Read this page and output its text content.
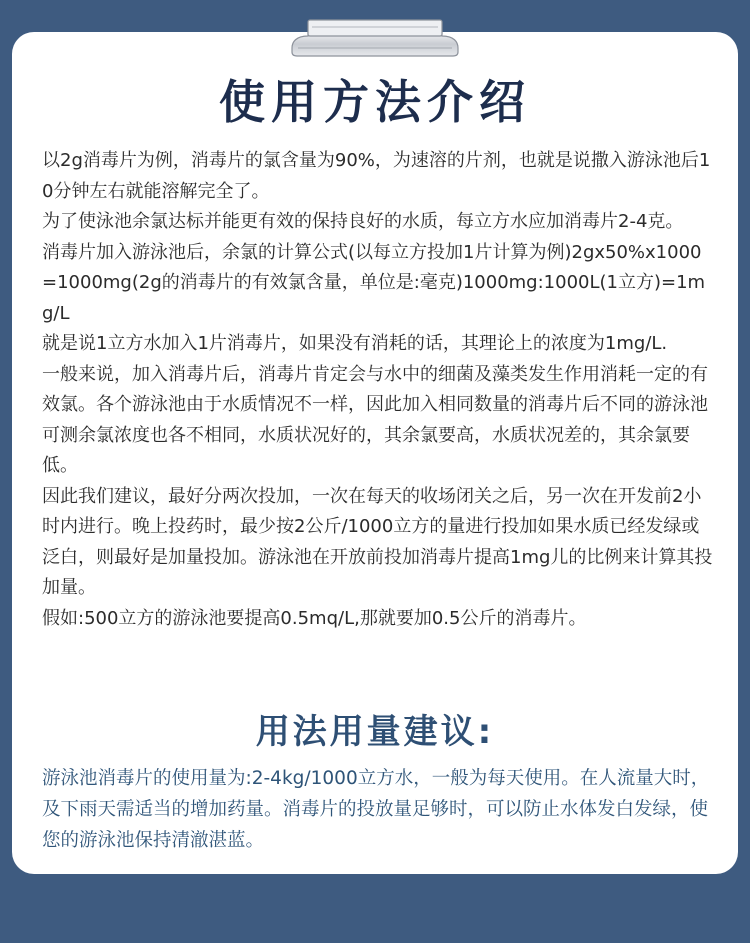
使用方法介绍
以2g消毒片为例，消毒片的氯含量为90%，为速溶的片剂，也就是说撒入游泳池后10分钟左右就能溶解完全了。
为了使泳池余氯达标并能更有效的保持良好的水质，每立方水应加消毒片2-4克。
消毒片加入游泳池后，余氯的计算公式(以每立方投加1片计算为例)2gx50%x1000=1000mg(2g的消毒片的有效氯含量，单位是:毫克)1000mg:1000L(1立方)=1mg/L
就是说1立方水加入1片消毒片，如果没有消耗的话，其理论上的浓度为1mg/L.
一般来说，加入消毒片后，消毒片肯定会与水中的细菌及藻类发生作用消耗一定的有效氯。各个游泳池由于水质情况不一样，因此加入相同数量的消毒片后不同的游泳池可测余氯浓度也各不相同，水质状况好的，其余氯要高，水质状况差的，其余氯要低。
因此我们建议，最好分两次投加，一次在每天的收场闭关之后，另一次在开发前2小时内进行。晚上投药时，最少按2公斤/1000立方的量进行投加如果水质已经发绿或泛白，则最好是加量投加。游泳池在开放前投加消毒片提高1mg儿的比例来计算其投加量。
假如:500立方的游泳池要提高0.5mq/L,那就要加0.5公斤的消毒片。
用法用量建议:

游泳池消毒片的使用量为:2-4kg/1000立方水，一般为每天使用。在人流量大时，及下雨天需适当的增加药量。消毒片的投放量足够时，可以防止水体发白发绿，使您的游泳池保持清澈湛蓝。
